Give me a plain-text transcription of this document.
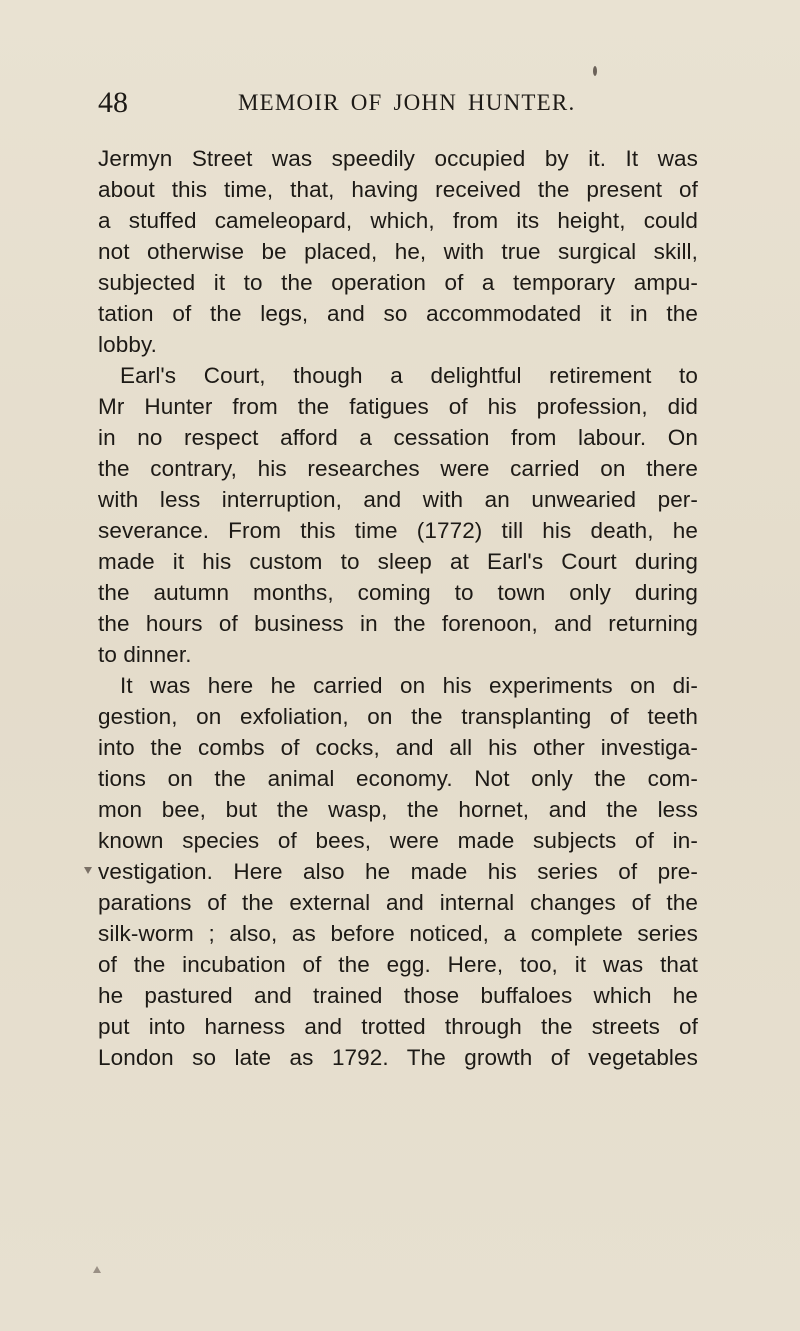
48	MEMOIR OF JOHN HUNTER.
Jermyn Street was speedily occupied by it. It was
about this time, that, having received the present of
a stuffed cameleopard, which, from its height, could
not otherwise be placed, he, with true surgical skill,
subjected it to the operation of a temporary ampu-
tation of the legs, and so accommodated it in the
lobby.
Earl's Court, though a delightful retirement to
Mr Hunter from the fatigues of his profession, did
in no respect afford a cessation from labour. On
the contrary, his researches were carried on there
with less interruption, and with an unwearied per-
severance. From this time (1772) till his death, he
made it his custom to sleep at Earl's Court during
the autumn months, coming to town only during
the hours of business in the forenoon, and returning
to dinner.
It was here he carried on his experiments on di-
gestion, on exfoliation, on the transplanting of teeth
into the combs of cocks, and all his other investiga-
tions on the animal economy. Not only the com-
mon bee, but the wasp, the hornet, and the less
known species of bees, were made subjects of in-
vestigation. Here also he made his series of pre-
parations of the external and internal changes of the
silk-worm ; also, as before noticed, a complete series
of the incubation of the egg. Here, too, it was that
he pastured and trained those buffaloes which he
put into harness and trotted through the streets of
London so late as 1792. The growth of vegetables
